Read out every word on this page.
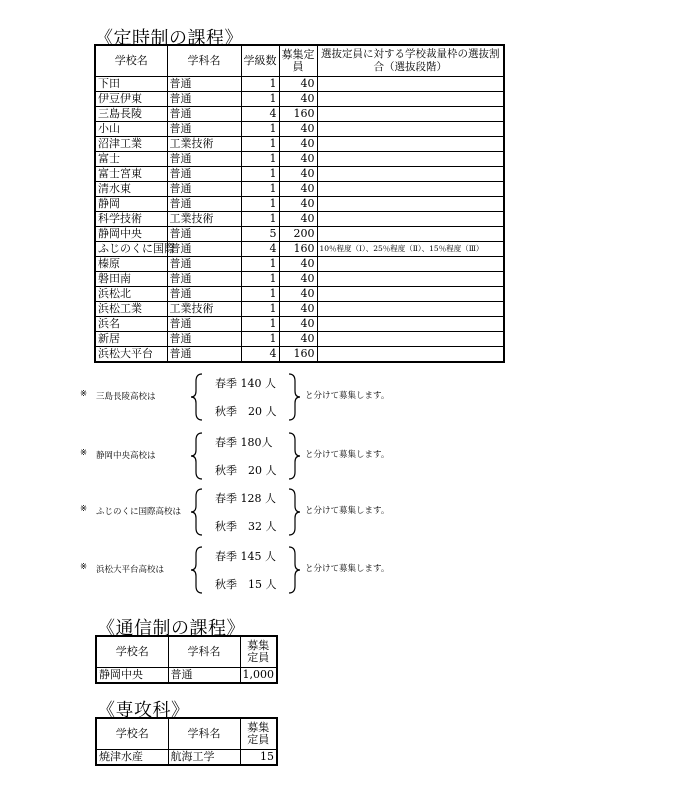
《定時制の課程》
学校名	学科名	学級数	募集定員	選抜定員に対する学校裁量枠の選抜割合（選抜段階）
下田	普通	1	40	
伊豆伊東	普通	1	40	
三島長陵	普通	4	160	
小山	普通	1	40	
沼津工業	工業技術	1	40	
富士	普通	1	40	
富士宮東	普通	1	40	
清水東	普通	1	40	
静岡	普通	1	40	
科学技術	工業技術	1	40	
静岡中央	普通	5	200	
ふじのくに国際	普通	4	160	10％程度（Ⅰ）、25％程度（Ⅱ）、15％程度（Ⅲ）
榛原	普通	1	40	
磐田南	普通	1	40	
浜松北	普通	1	40	
浜松工業	工業技術	1	40	
浜名	普通	1	40	
新居	普通	1	40	
浜松大平台	普通	4	160	
※ 三島長陵高校は
春季 140 人
秋季　20 人
と分けて募集します。
※ 静岡中央高校は
春季 180人
秋季　20 人
と分けて募集します。
※ ふじのくに国際高校は
春季 128 人
秋季　32 人
と分けて募集します。
※ 浜松大平台高校は
春季 145 人
秋季　15 人
と分けて募集します。
《通信制の課程》
学校名	学科名	募集定員
静岡中央	普通	1,000
《専攻科》
学校名	学科名	募集定員
焼津水産	航海工学	15
